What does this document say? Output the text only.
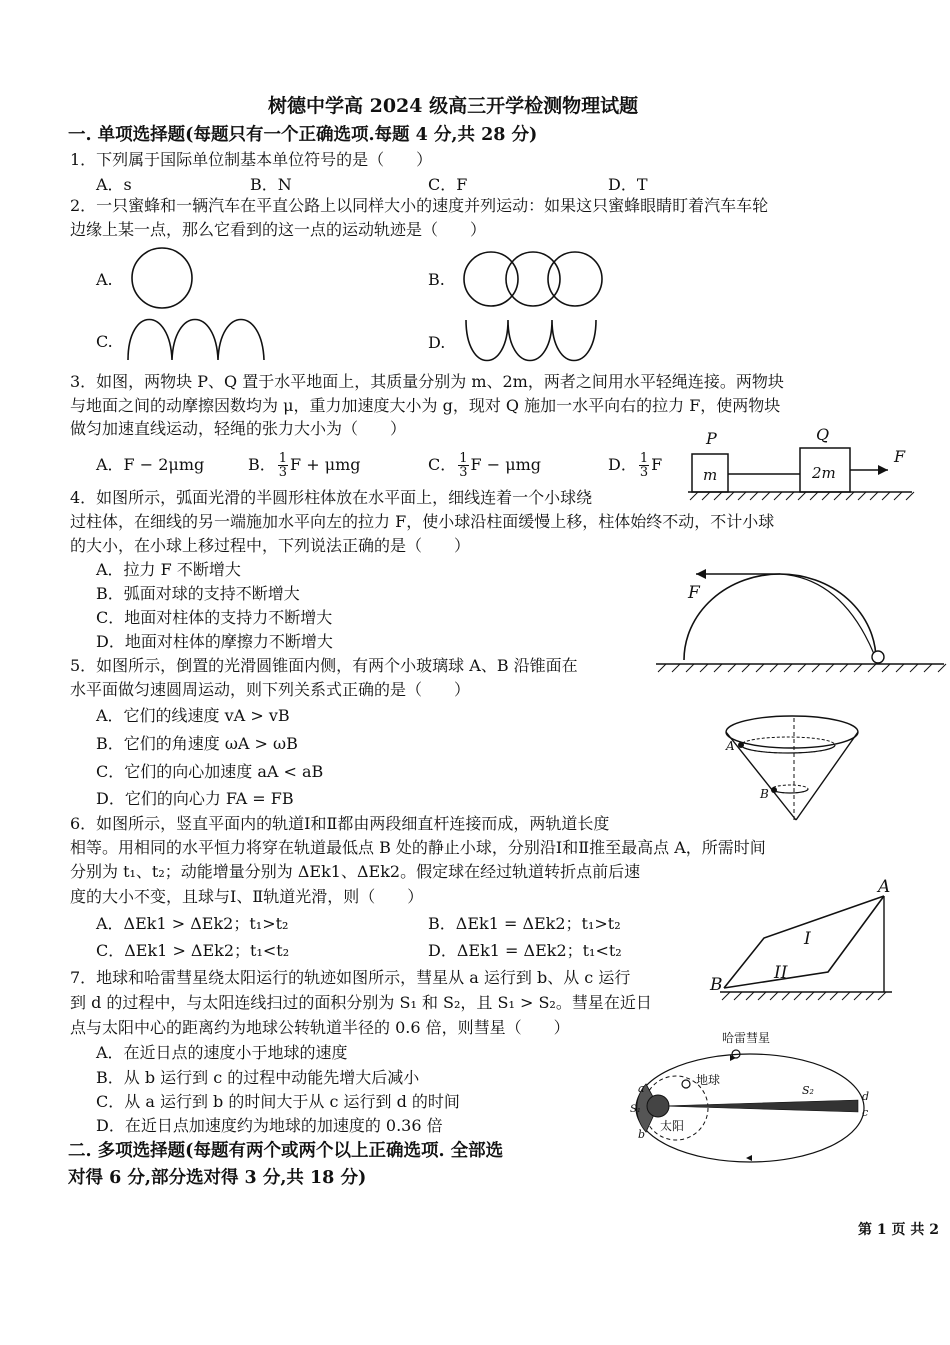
树德中学高 2024 级高三开学检测物理试题
一. 单项选择题(每题只有一个正确选项.每题 4 分,共 28 分)
1．下列属于国际单位制基本单位符号的是（　　）
A．s	B．N	C．F	D．T
2．一只蜜蜂和一辆汽车在平直公路上以同样大小的速度并列运动：如果这只蜜蜂眼睛盯着汽车车轮
边缘上某一点，那么它看到的这一点的运动轨迹是（　　）
A.	B.
C.	D.
3．如图，两物块 P、Q 置于水平地面上，其质量分别为 m、2m，两者之间用水平轻绳连接。两物块
与地面之间的动摩擦因数均为 μ，重力加速度大小为 g，现对 Q 施加一水平向右的拉力 F，使两物块
做匀加速直线运动，轻绳的张力大小为（　　）
A．F − 2μmg	B． $\frac{1}{3}$ F + μmg	C． $\frac{1}{3}$ F − μmg	D． $\frac{1}{3}$ F
P	Q
m	2m
F
4．如图所示，弧面光滑的半圆形柱体放在水平面上，细线连着一个小球绕
过柱体，在细线的另一端施加水平向左的拉力 F，使小球沿柱面缓慢上移，柱体始终不动，不计小球
的大小，在小球上移过程中，下列说法正确的是（　　）
A．拉力 F 不断增大
B．弧面对球的支持不断增大
C．地面对柱体的支持力不断增大
D．地面对柱体的摩擦力不断增大
F
5．如图所示，倒置的光滑圆锥面内侧，有两个小玻璃球 A、B 沿锥面在
水平面做匀速圆周运动，则下列关系式正确的是（　　）
A．它们的线速度 vA > vB
B．它们的角速度 ωA > ωB
C．它们的向心加速度 aA < aB
D．它们的向心力 FA = FB
A
B
6．如图所示，竖直平面内的轨道Ⅰ和Ⅱ都由两段细直杆连接而成，两轨道长度
相等。用相同的水平恒力将穿在轨道最低点 B 处的静止小球，分别沿Ⅰ和Ⅱ推至最高点 A，所需时间
分别为 t₁、t₂；动能增量分别为 ΔEk1、ΔEk2。假定球在经过轨道转折点前后速
度的大小不变，且球与Ⅰ、Ⅱ轨道光滑，则（　　）
A．ΔEk1 > ΔEk2；t₁>t₂	B．ΔEk1 = ΔEk2；t₁>t₂
C．ΔEk1 > ΔEk2；t₁<t₂	D．ΔEk1 = ΔEk2；t₁<t₂
A
B
I
II
7．地球和哈雷彗星绕太阳运行的轨迹如图所示，彗星从 a 运行到 b、从 c 运行
到 d 的过程中，与太阳连线扫过的面积分别为 S₁ 和 S₂，且 S₁ > S₂。彗星在近日
点与太阳中心的距离约为地球公转轨道半径的 0.6 倍，则彗星（　　）
A．在近日点的速度小于地球的速度
B．从 b 运行到 c 的过程中动能先增大后减小
C．从 a 运行到 b 的时间大于从 c 运行到 d 的时间
D．在近日点加速度约为地球的加速度的 0.36 倍
哈雷彗星
地球
太阳
a
b
d
c
S₂
S₁
二. 多项选择题(每题有两个或两个以上正确选项. 全部选
对得 6 分,部分选对得 3 分,共 18 分)
第 1 页 共 2
